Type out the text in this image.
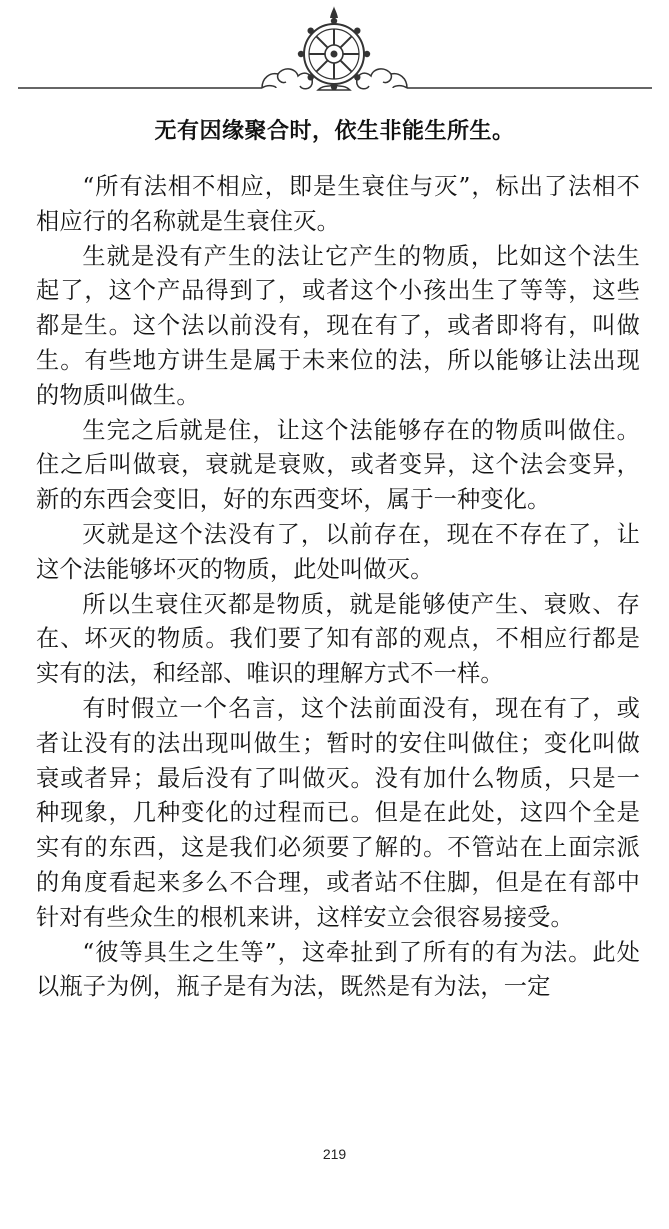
无有因缘聚合时，依生非能生所生。

“所有法相不相应，即是生衰住与灭”，标出了法相不相应行的名称就是生衰住灭。

生就是没有产生的法让它产生的物质，比如这个法生起了，这个产品得到了，或者这个小孩出生了等等，这些都是生。这个法以前没有，现在有了，或者即将有，叫做生。有些地方讲生是属于未来位的法，所以能够让法出现的物质叫做生。

生完之后就是住，让这个法能够存在的物质叫做住。住之后叫做衰，衰就是衰败，或者变异，这个法会变异，新的东西会变旧，好的东西变坏，属于一种变化。

灭就是这个法没有了，以前存在，现在不存在了，让这个法能够坏灭的物质，此处叫做灭。

所以生衰住灭都是物质，就是能够使产生、衰败、存在、坏灭的物质。我们要了知有部的观点，不相应行都是实有的法，和经部、唯识的理解方式不一样。

有时假立一个名言，这个法前面没有，现在有了，或者让没有的法出现叫做生；暂时的安住叫做住；变化叫做衰或者异；最后没有了叫做灭。没有加什么物质，只是一种现象，几种变化的过程而已。但是在此处，这四个全是实有的东西，这是我们必须要了解的。不管站在上面宗派的角度看起来多么不合理，或者站不住脚，但是在有部中针对有些众生的根机来讲，这样安立会很容易接受。

“彼等具生之生等”，这牵扯到了所有的有为法。此处以瓶子为例，瓶子是有为法，既然是有为法，一定

219
